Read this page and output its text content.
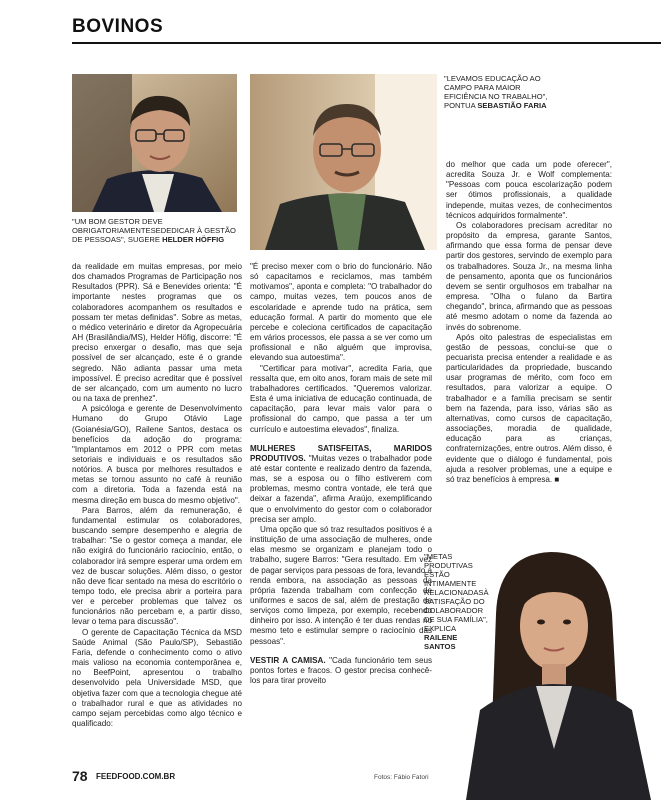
BOVINOS
"LEVAMOS EDUCAÇÃO AO CAMPO PARA MAIOR EFICIÊNCIA NO TRABALHO", PONTUA SEBASTIÃO FARIA
"UM BOM GESTOR DEVE OBRIGATORIAMENTESEDEDICAR À GESTÃO DE PESSOAS", SUGERE HELDER HÖFFIG

da realidade em muitas empresas, por meio dos chamados Programas de Participação nos Resultados (PPR). Sá e Benevides orienta: "É importante nestes programas que os colaboradores acompanhem os resultados e possam ter metas definidas". Sobre as metas, o médico veterinário e diretor da Agropecuária AH (Brasilândia/MS), Helder Höfig, discorre: "É preciso enxergar o desafio, mas que seja possível de ser alcançado, este é o grande segredo. Não adianta passar uma meta impossível. É preciso acreditar que é possível de ser alcançado, com um aumento no lucro ou na taxa de prenhez".

A psicóloga e gerente de Desenvolvimento Humano do Grupo Otávio Lage (Goianésia/GO), Railene Santos, destaca os benefícios da adoção do programa: "Implantamos em 2012 o PPR com metas setoriais e individuais e os resultados são notórios. A busca por melhores resultados e metas se tornou assunto no café à reunião com a diretoria. Toda a fazenda está na mesma direção em busca do mesmo objetivo".

Para Barros, além da remuneração, é fundamental estimular os colaboradores, buscando sempre desempenho e alegria de trabalhar: "Se o gestor começa a mandar, ele não exigirá do funcionário raciocínio, então, o colaborador irá sempre esperar uma ordem em vez de buscar soluções. Além disso, o gestor não deve ficar sentado na mesa do escritório o tempo todo, ele precisa abrir a porteira para ver e perceber problemas que talvez os funcionários não percebam e, a partir disso, levar o tema para discussão".

O gerente de Capacitação Técnica da MSD Saúde Animal (São Paulo/SP), Sebastião Faria, defende o conhecimento como o ativo mais valioso na economia contemporânea e, no BeefPoint, apresentou o trabalho desenvolvido pela Universidade MSD, que objetiva fazer com que a tecnologia chegue até o trabalhador rural e que as atividades no campo sejam percebidas como algo técnico e qualificado:

"É preciso mexer com o brio do funcionário. Não só capacitamos e reciclamos, mas também motivamos", aponta e completa: "O trabalhador do campo, muitas vezes, tem poucos anos de escolaridade e aprende tudo na prática, sem educação formal. A partir do momento que ele percebe e coleciona certificados de capacitação em vários processos, ele passa a se ver como um profissional e não alguém que improvisa, elevando sua autoestima".

"Certificar para motivar", acredita Faria, que ressalta que, em oito anos, foram mais de sete mil trabalhadores certificados. "Queremos valorizar. Esta é uma iniciativa de educação continuada, de capacitação, para levar mais valor para o profissional do campo, que passa a ter um currículo e autoestima elevados", finaliza.

MULHERES SATISFEITAS, MARIDOS PRODUTIVOS. "Muitas vezes o trabalhador pode até estar contente e realizado dentro da fazenda, mas, se a esposa ou o filho estiverem com problemas, mesmo contra vontade, ele terá que deixar a fazenda", afirma Araújo, exemplificando que o envolvimento do gestor com o colaborador precisa ser amplo.

Uma opção que só traz resultados positivos é a instituição de uma associação de mulheres, onde elas mesmo se organizam e planejam todo o trabalho, sugere Barros: "Gera resultado. Em vez de pagar serviços para pessoas de fora, levando a renda embora, na associação as pessoas da própria fazenda trabalham com confecção de uniformes e sacos de sal, além de prestação de serviços como limpeza, por exemplo, recebendo dinheiro por isso. A intenção é ter duas rendas no mesmo teto e estimular sempre o raciocínio das pessoas".

VESTIR A CAMISA. "Cada funcionário tem seus pontos fortes e fracos. O gestor precisa conhecê-los para tirar proveito

do melhor que cada um pode oferecer", acredita Souza Jr. e Wolf complementa: "Pessoas com pouca escolarização podem ser ótimos profissionais, a qualidade independe, muitas vezes, de conhecimentos técnicos adquiridos formalmente".

Os colaboradores precisam acreditar no propósito da empresa, garante Santos, afirmando que essa forma de pensar deve partir dos gestores, servindo de exemplo para os trabalhadores. Souza Jr., na mesma linha de pensamento, aponta que os funcionários devem se sentir orgulhosos em trabalhar na empresa. "Olha o fulano da Bartira chegando", brinca, afirmando que as pessoas até mesmo adotam o nome da fazenda ao invés do sobrenome.

Após oito palestras de especialistas em gestão de pessoas, conclui-se que o pecuarista precisa entender a realidade e as particularidades da propriedade, buscando usar programas de mérito, com foco em resultados, para valorizar a equipe. O trabalhador e a família precisam se sentir bem na fazenda, para isso, várias são as alternativas, como cursos de capacitação, associações, moradia de qualidade, educação para as crianças, confraternizações, entre outros. Além disso, é evidente que o diálogo é fundamental, pois ajuda a resolver problemas, une a equipe e só traz benefícios à empresa. ■

"METAS PRODUTIVAS ESTÃO INTIMAMENTE RELACIONADASÀ SATISFAÇÃO DO COLABORADOR DE SUA FAMÍLIA", EXPLICA RAILENE SANTOS
78 FEEDFOOD.COM.BR	Fotos: Fábio Fatori
